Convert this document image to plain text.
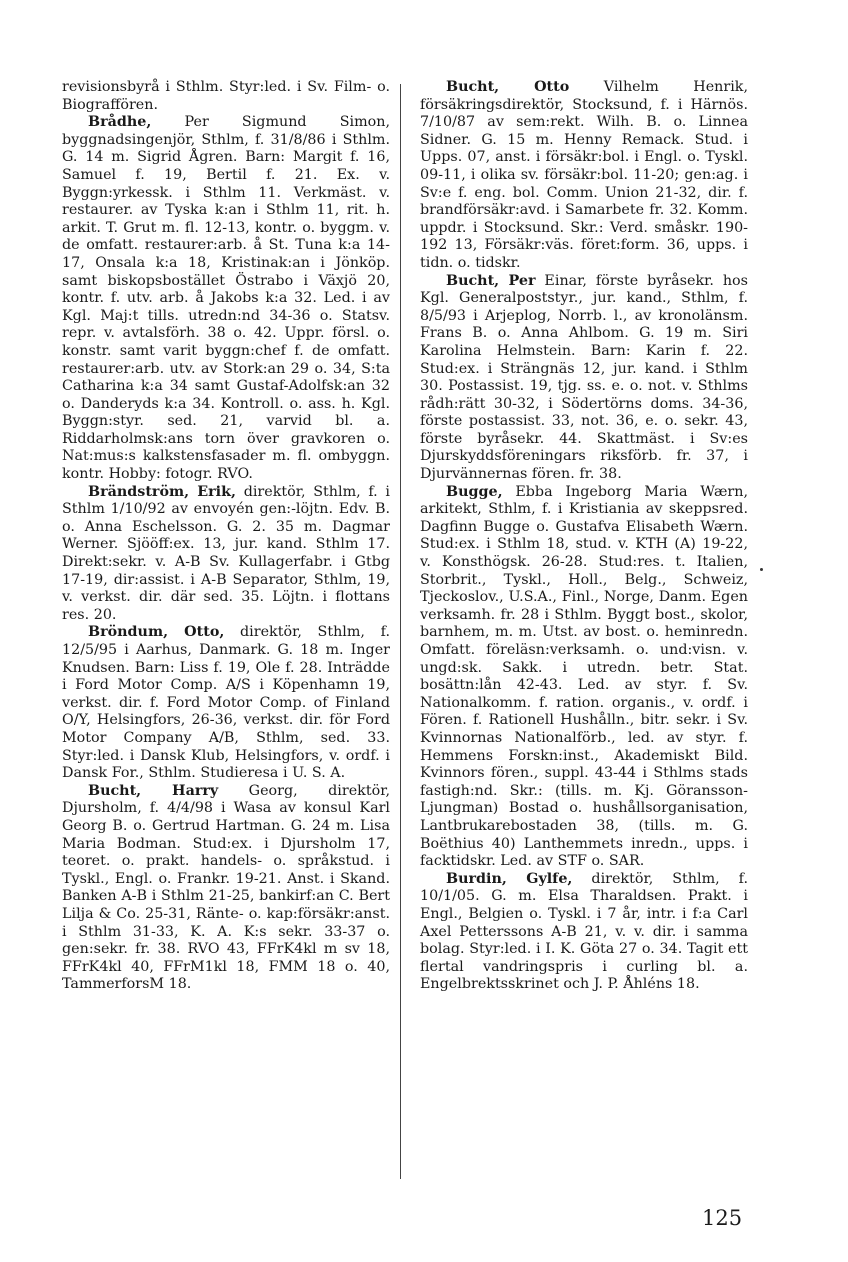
revisionsbyrå i Sthlm. Styr:led. i Sv. Film- o. Biograffören.

Brådhe, Per Sigmund Simon, byggnadsingenjör, Sthlm, f. 31/8/86 i Sthlm. G. 14 m. Sigrid Ågren. Barn: Margit f. 16, Samuel f. 19, Bertil f. 21. Ex. v. Byggn:yrkessk. i Sthlm 11. Verkmäst. v. restaurer. av Tyska k:an i Sthlm 11, rit. h. arkit. T. Grut m. fl. 12-13, kontr. o. byggm. v. de omfatt. restaurer:arb. å St. Tuna k:a 14-17, Onsala k:a 18, Kristinak:an i Jönköp. samt biskopsbostället Östrabo i Växjö 20, kontr. f. utv. arb. å Jakobs k:a 32. Led. i av Kgl. Maj:t tills. utredn:nd 34-36 o. Statsv. repr. v. avtalsförh. 38 o. 42. Uppr. försl. o. konstr. samt varit byggn:chef f. de omfatt. restaurer:arb. utv. av Stork:an 29 o. 34, S:ta Catharina k:a 34 samt Gustaf-Adolfsk:an 32 o. Danderyds k:a 34. Kontroll. o. ass. h. Kgl. Byggn:styr. sed. 21, varvid bl. a. Riddarholmsk:ans torn över gravkoren o. Nat:mus:s kalkstensfasader m. fl. ombyggn. kontr. Hobby: fotogr. RVO.

Brändström, Erik, direktör, Sthlm, f. i Sthlm 1/10/92 av envoyén gen:-löjtn. Edv. B. o. Anna Eschelsson. G. 2. 35 m. Dagmar Werner. Sjööff:ex. 13, jur. kand. Sthlm 17. Direkt:sekr. v. A-B Sv. Kullagerfabr. i Gtbg 17-19, dir:assist. i A-B Separator, Sthlm, 19, v. verkst. dir. där sed. 35. Löjtn. i flottans res. 20.

Bröndum, Otto, direktör, Sthlm, f. 12/5/95 i Aarhus, Danmark. G. 18 m. Inger Knudsen. Barn: Liss f. 19, Ole f. 28. Inträdde i Ford Motor Comp. A/S i Köpenhamn 19, verkst. dir. f. Ford Motor Comp. of Finland O/Y, Helsingfors, 26-36, verkst. dir. för Ford Motor Company A/B, Sthlm, sed. 33. Styr:led. i Dansk Klub, Helsingfors, v. ordf. i Dansk For., Sthlm. Studieresa i U. S. A.

Bucht, Harry Georg, direktör, Djursholm, f. 4/4/98 i Wasa av konsul Karl Georg B. o. Gertrud Hartman. G. 24 m. Lisa Maria Bodman. Stud:ex. i Djursholm 17, teoret. o. prakt. handels- o. språkstud. i Tyskl., Engl. o. Frankr. 19-21. Anst. i Skand. Banken A-B i Sthlm 21-25, bankirf:an C. Bert Lilja & Co. 25-31, Ränte- o. kap:försäkr:anst. i Sthlm 31-33, K. A. K:s sekr. 33-37 o. gen:sekr. fr. 38. RVO 43, FFrK4kl m sv 18, FFrK4kl 40, FFrM1kl 18, FMM 18 o. 40, TammerforsM 18.

Bucht, Otto Vilhelm Henrik, försäkringsdirektör, Stocksund, f. i Härnös. 7/10/87 av sem:rekt. Wilh. B. o. Linnea Sidner. G. 15 m. Henny Remack. Stud. i Upps. 07, anst. i försäkr:bol. i Engl. o. Tyskl. 09-11, i olika sv. försäkr:bol. 11-20; gen:ag. i Sv:e f. eng. bol. Comm. Union 21-32, dir. f. brandförsäkr:avd. i Samarbete fr. 32. Komm. uppdr. i Stocksund. Skr.: Verd. småskr. 190-192 13, Försäkr:väs. föret:form. 36, upps. i tidn. o. tidskr.

Bucht, Per Einar, förste byråsekr. hos Kgl. Generalpoststyr., jur. kand., Sthlm, f. 8/5/93 i Arjeplog, Norrb. l., av kronolänsm. Frans B. o. Anna Ahlbom. G. 19 m. Siri Karolina Helmstein. Barn: Karin f. 22. Stud:ex. i Strängnäs 12, jur. kand. i Sthlm 30. Postassist. 19, tjg. ss. e. o. not. v. Sthlms rådh:rätt 30-32, i Södertörns doms. 34-36, förste postassist. 33, not. 36, e. o. sekr. 43, förste byråsekr. 44. Skattmäst. i Sv:es Djurskyddsföreningars riksförb. fr. 37, i Djurvännernas fören. fr. 38.

Bugge, Ebba Ingeborg Maria Wærn, arkitekt, Sthlm, f. i Kristiania av skeppsred. Dagfinn Bugge o. Gustafva Elisabeth Wærn. Stud:ex. i Sthlm 18, stud. v. KTH (A) 19-22, v. Konsthögsk. 26-28. Stud:res. t. Italien, Storbrit., Tyskl., Holl., Belg., Schweiz, Tjeckoslov., U.S.A., Finl., Norge, Danm. Egen verksamh. fr. 28 i Sthlm. Byggt bost., skolor, barnhem, m. m. Utst. av bost. o. heminredn. Omfatt. föreläsn:verksamh. o. und:visn. v. ungd:sk. Sakk. i utredn. betr. Stat. bosättn:lån 42-43. Led. av styr. f. Sv. Nationalkomm. f. ration. organis., v. ordf. i Fören. f. Rationell Hushålln., bitr. sekr. i Sv. Kvinnornas Nationalförb., led. av styr. f. Hemmens Forskn:inst., Akademiskt Bild. Kvinnors fören., suppl. 43-44 i Sthlms stads fastigh:nd. Skr.: (tills. m. Kj. Göransson-Ljungman) Bostad o. hushållsorganisation, Lantbrukarebostaden 38, (tills. m. G. Boëthius 40) Lanthemmets inredn., upps. i facktidskr. Led. av STF o. SAR.

Burdin, Gylfe, direktör, Sthlm, f. 10/1/05. G. m. Elsa Tharaldsen. Prakt. i Engl., Belgien o. Tyskl. i 7 år, intr. i f:a Carl Axel Petterssons A-B 21, v. v. dir. i samma bolag. Styr:led. i I. K. Göta 27 o. 34. Tagit ett flertal vandringspris i curling bl. a. Engelbrektsskrinet och J. P. Åhléns 18.

125
